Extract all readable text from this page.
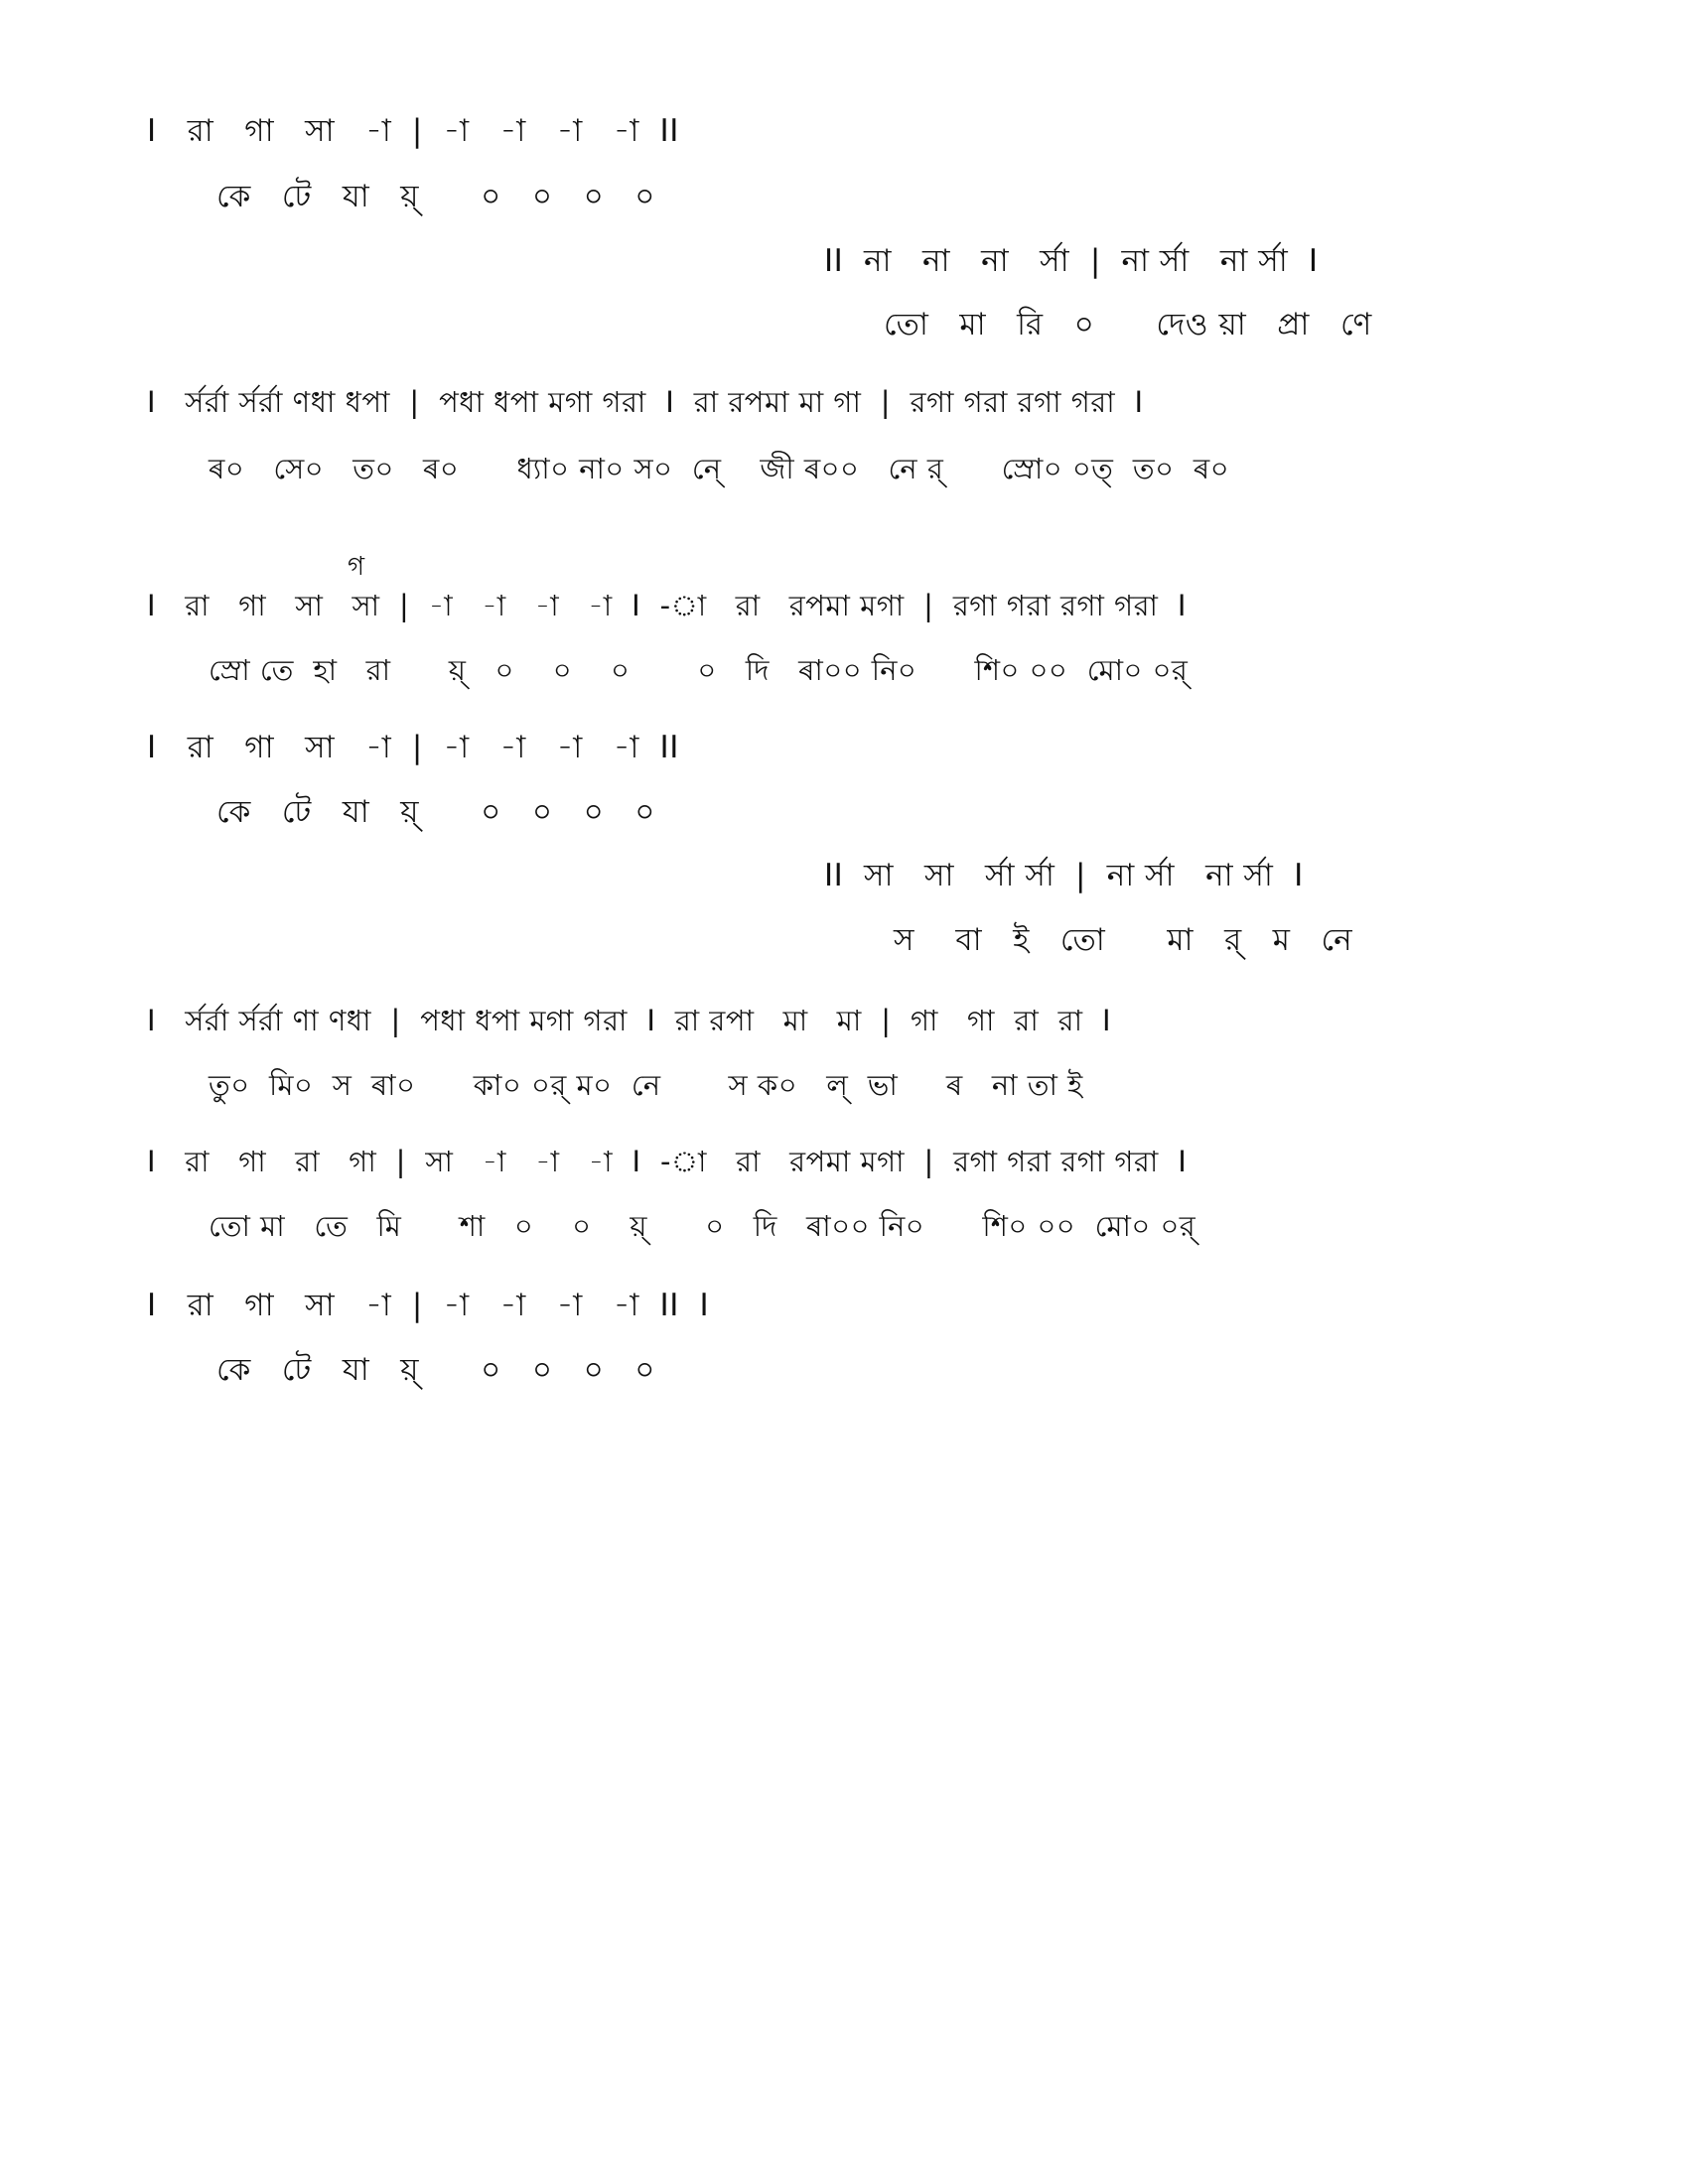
I   রা   গা   সা   -া  |  -া   -া   -া   -া  II
কে   টে   যা   য়্      ০   ০   ০   ০
II  না   না   না   র্সা  |  না র্সা   না র্সা  I
তো   মা   রি   ০      দেও য়া   প্রা   ণে
I   র্সর্রা র্সর্রা ণধা ধপা  |  পধা ধপা মগা গরা  I  রা রপমা মা গা  |  রগা গরা রগা গরা  I
ৰ০   সে০   ত০   ৰ০      ধ্যা০ না০ স০  নে্    জী ৰ০০   নে র্      স্রো০ ০ত্  ত০  ৰ০
গ
I   রা   গা   সা   সা  |  -া   -া   -া   -া  I  -া   রা   রপমা মগা  |  রগা গরা রগা গরা  I
স্রো তে  হা   রা      য়্   ০    ০    ০       ০   দি   ৰা০০ নি০      শি০ ০০  মো০ ০র্
I   রা   গা   সা   -া  |  -া   -া   -া   -া  II
কে   টে   যা   য়্      ০   ০   ০   ০
II  সা   সা   র্সা র্সা  |  না র্সা   না র্সা  I
স    বা   ই   তো      মা   র্   ম   নে
I   র্সর্রা র্সর্রা ণা ণধা  |  পধা ধপা মগা গরা  I  রা রপা   মা   মা  |  গা   গা  রা  রা  I
তু০  মি০  স  ৰা০      কা০ ০র্ ম০  নে       স ক০   ল্  ভা     ৰ   না তা ই
I   রা   গা   রা   গা  |  সা   -া   -া   -া  I  -া   রা   রপমা মগা  |  রগা গরা রগা গরা  I
তো মা   তে   মি      শা   ০    ০    য়্      ০   দি   ৰা০০ নি০      শি০ ০০  মো০ ০র্
I   রা   গা   সা   -া  |  -া   -া   -া   -া  II  I
কে   টে   যা   য়্      ০   ০   ০   ০
